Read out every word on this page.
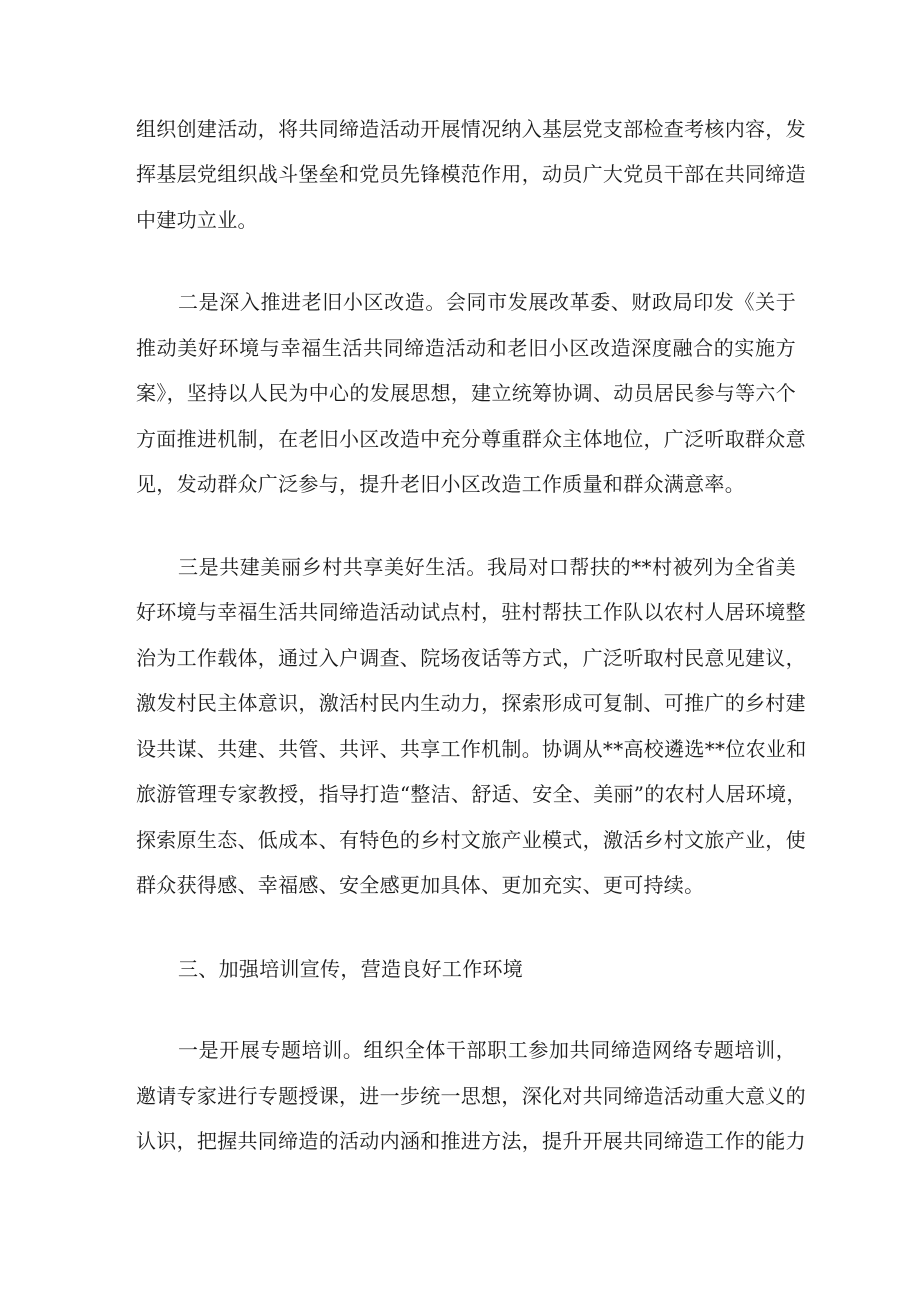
组织创建活动，将共同缔造活动开展情况纳入基层党支部检查考核内容，发

挥基层党组织战斗堡垒和党员先锋模范作用，动员广大党员干部在共同缔造

中建功立业。

二是深入推进老旧小区改造。会同市发展改革委、财政局印发《关于

推动美好环境与幸福生活共同缔造活动和老旧小区改造深度融合的实施方

案》，坚持以人民为中心的发展思想，建立统筹协调、动员居民参与等六个

方面推进机制，在老旧小区改造中充分尊重群众主体地位，广泛听取群众意

见，发动群众广泛参与，提升老旧小区改造工作质量和群众满意率。

三是共建美丽乡村共享美好生活。我局对口帮扶的**村被列为全省美

好环境与幸福生活共同缔造活动试点村，驻村帮扶工作队以农村人居环境整

治为工作载体，通过入户调查、院场夜话等方式，广泛听取村民意见建议，

激发村民主体意识，激活村民内生动力，探索形成可复制、可推广的乡村建

设共谋、共建、共管、共评、共享工作机制。协调从**高校遴选**位农业和

旅游管理专家教授，指导打造“整洁、舒适、安全、美丽”的农村人居环境，

探索原生态、低成本、有特色的乡村文旅产业模式，激活乡村文旅产业，使

群众获得感、幸福感、安全感更加具体、更加充实、更可持续。

三、加强培训宣传，营造良好工作环境

一是开展专题培训。组织全体干部职工参加共同缔造网络专题培训，

邀请专家进行专题授课，进一步统一思想，深化对共同缔造活动重大意义的

认识，把握共同缔造的活动内涵和推进方法，提升开展共同缔造工作的能力
